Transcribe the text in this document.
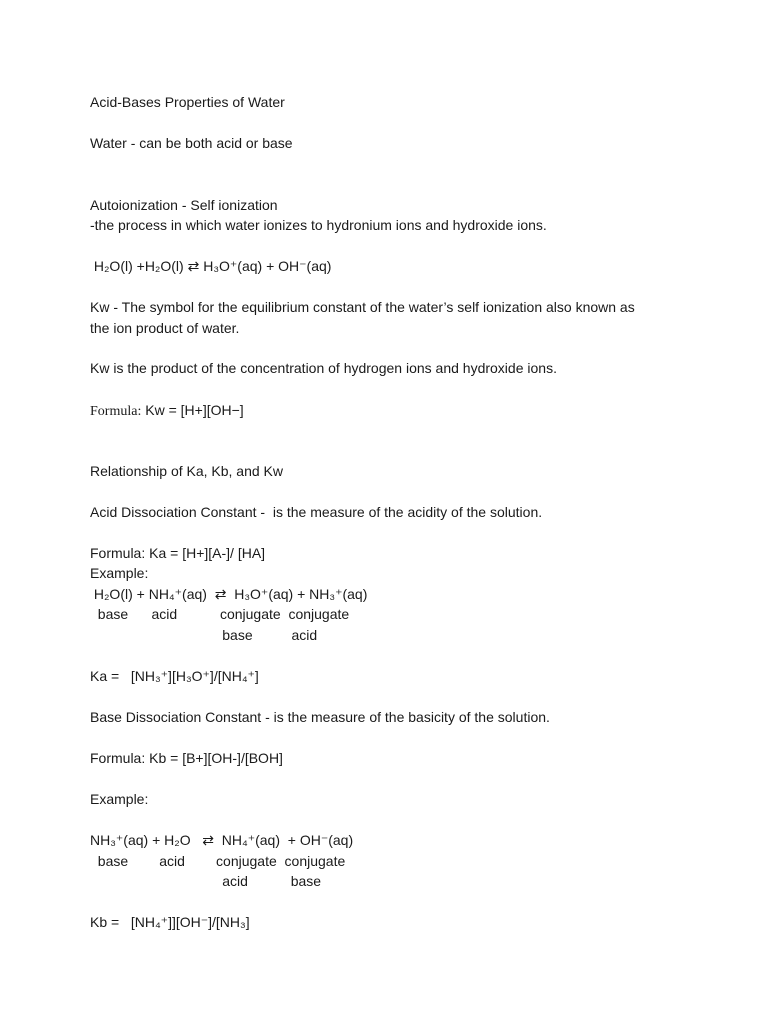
Acid-Bases Properties of Water
Water - can be both acid or base
Autoionization - Self ionization
-the process in which water ionizes to hydronium ions and hydroxide ions.
H₂O(l) +H₂O(l) ⇄ H₃O⁺(aq) + OH⁻(aq)
Kw - The symbol for the equilibrium constant of the water’s self ionization also known as
the ion product of water.
Kw is the product of the concentration of hydrogen ions and hydroxide ions.
Formula: Kw = [H+][OH−]
Relationship of Ka, Kb, and Kw
Acid Dissociation Constant -  is the measure of the acidity of the solution.
Formula: Ka = [H+][A-]/ [HA]
Example:
H₂O(l) + NH₄⁺(aq)  ⇄  H₃O⁺(aq) + NH₃⁺(aq)
base      acid           conjugate  conjugate
base          acid
Ka =   [NH₃⁺][H₃O⁺]/[NH₄⁺]
Base Dissociation Constant - is the measure of the basicity of the solution.
Formula: Kb = [B+][OH-]/[BOH]
Example:
NH₃⁺(aq) + H₂O   ⇄  NH₄⁺(aq)  + OH⁻(aq)
base        acid        conjugate  conjugate
acid           base
Kb =   [NH₄⁺]][OH⁻]/[NH₃]
